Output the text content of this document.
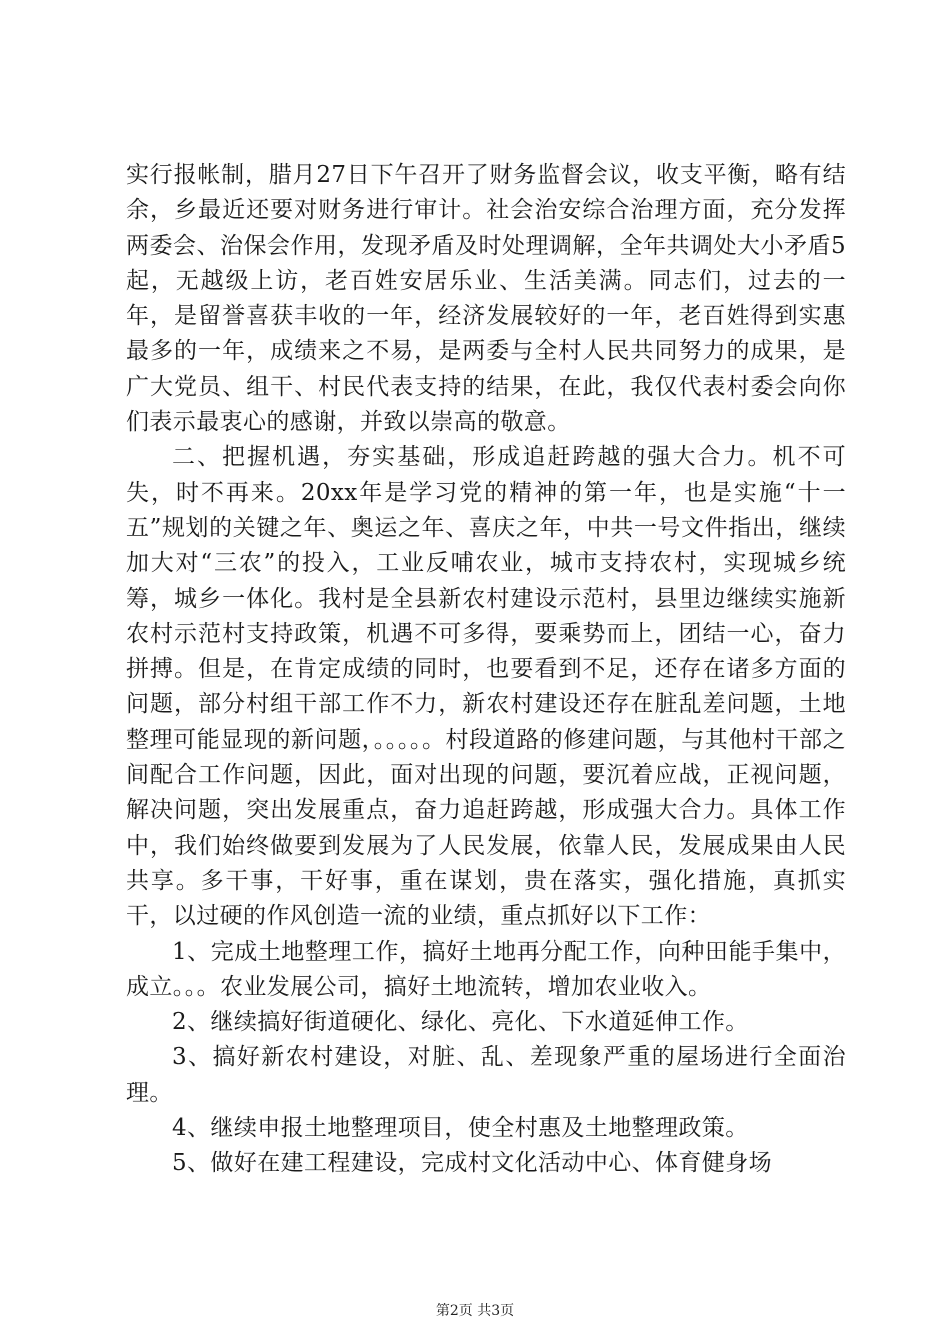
实行报帐制，腊月27日下午召开了财务监督会议，收支平衡，略有结余，乡最近还要对财务进行审计。社会治安综合治理方面，充分发挥两委会、治保会作用，发现矛盾及时处理调解，全年共调处大小矛盾5起，无越级上访，老百姓安居乐业、生活美满。同志们，过去的一年，是留誉喜获丰收的一年，经济发展较好的一年，老百姓得到实惠最多的一年，成绩来之不易，是两委与全村人民共同努力的成果，是广大党员、组干、村民代表支持的结果，在此，我仅代表村委会向你们表示最衷心的感谢，并致以崇高的敬意。

二、把握机遇，夯实基础，形成追赶跨越的强大合力。机不可失，时不再来。20xx年是学习党的精神的第一年，也是实施“十一五”规划的关键之年、奥运之年、喜庆之年，中共一号文件指出，继续加大对“三农”的投入，工业反哺农业，城市支持农村，实现城乡统筹，城乡一体化。我村是全县新农村建设示范村，县里边继续实施新农村示范村支持政策，机遇不可多得，要乘势而上，团结一心，奋力拼搏。但是，在肯定成绩的同时，也要看到不足，还存在诸多方面的问题，部分村组干部工作不力，新农村建设还存在脏乱差问题，土地整理可能显现的新问题，。。。。。村段道路的修建问题，与其他村干部之间配合工作问题，因此，面对出现的问题，要沉着应战，正视问题，解决问题，突出发展重点，奋力追赶跨越，形成强大合力。具体工作中，我们始终做要到发展为了人民发展，依靠人民，发展成果由人民共享。多干事，干好事，重在谋划，贵在落实，强化措施，真抓实干，以过硬的作风创造一流的业绩，重点抓好以下工作：

1、完成土地整理工作，搞好土地再分配工作，向种田能手集中，成立。。。农业发展公司，搞好土地流转，增加农业收入。

2、继续搞好街道硬化、绿化、亮化、下水道延伸工作。

3、搞好新农村建设，对脏、乱、差现象严重的屋场进行全面治理。

4、继续申报土地整理项目，使全村惠及土地整理政策。

5、做好在建工程建设，完成村文化活动中心、体育健身场

第2页 共3页
